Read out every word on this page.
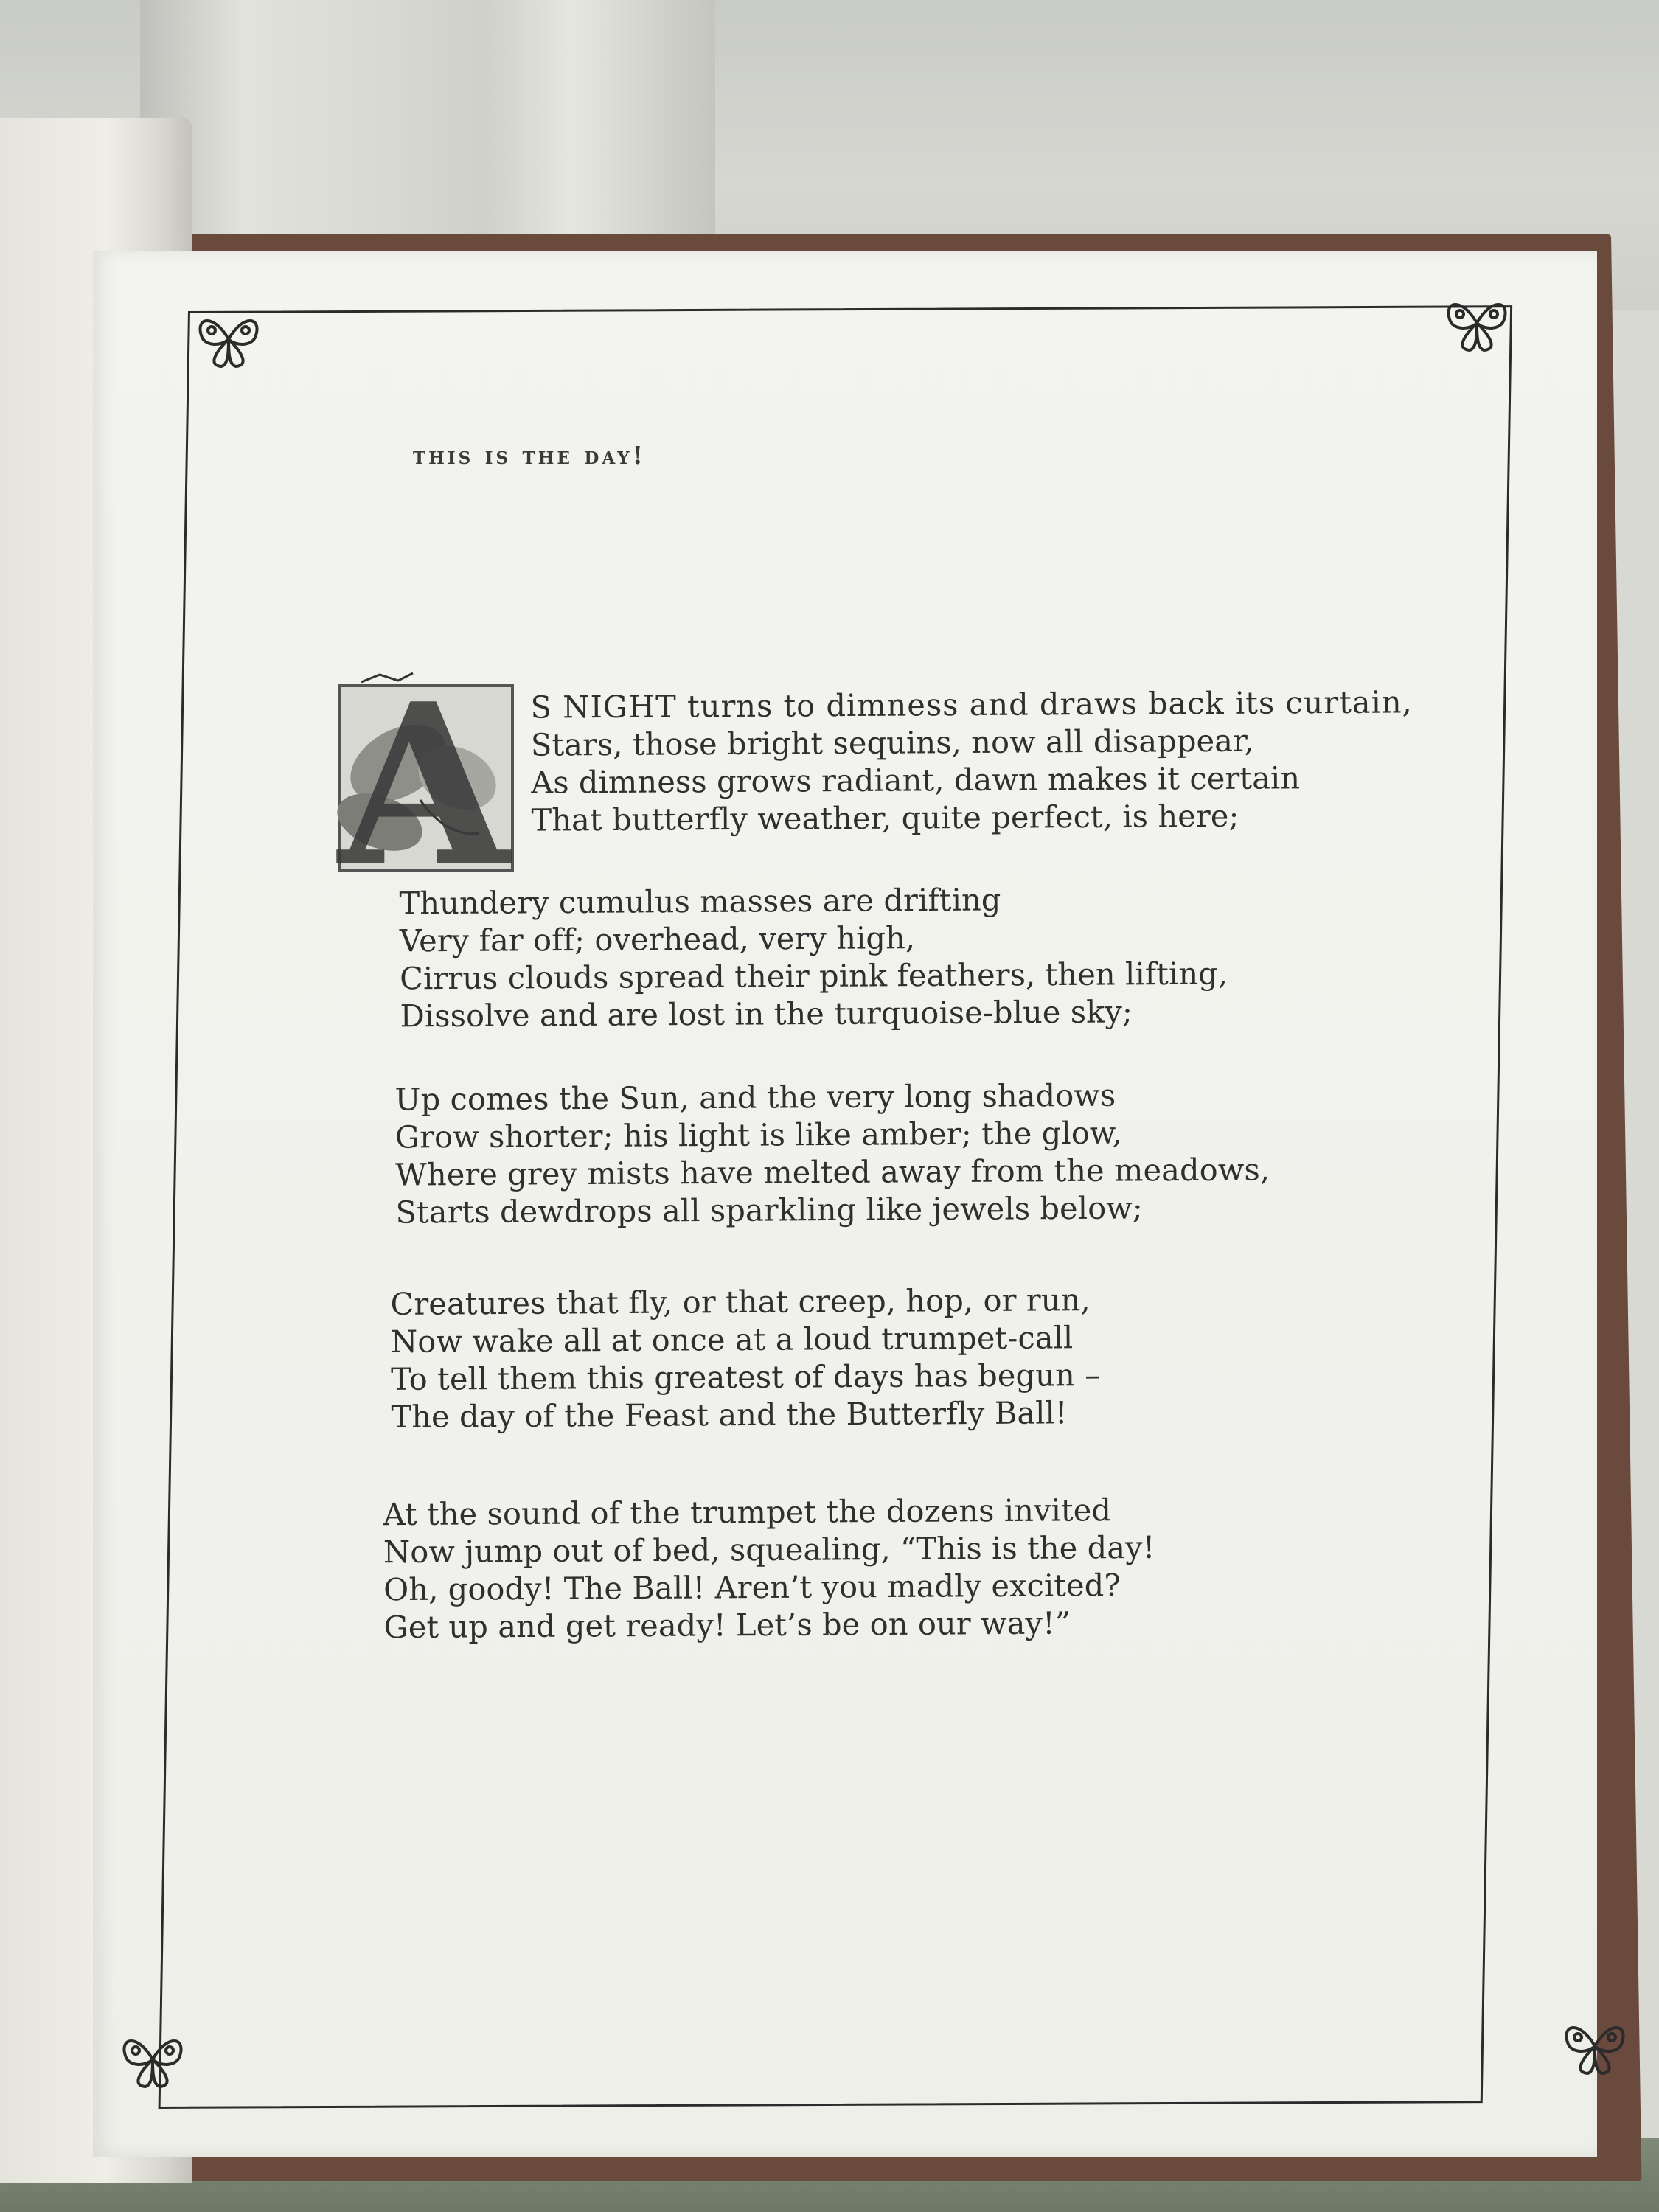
this is the day!
A S NIGHT turns to dimness and draws back its curtain,
Stars, those bright sequins, now all disappear,
As dimness grows radiant, dawn makes it certain
That butterfly weather, quite perfect, is here;
Thundery cumulus masses are drifting
Very far off; overhead, very high,
Cirrus clouds spread their pink feathers, then lifting,
Dissolve and are lost in the turquoise-blue sky;
Up comes the Sun, and the very long shadows
Grow shorter; his light is like amber; the glow,
Where grey mists have melted away from the meadows,
Starts dewdrops all sparkling like jewels below;
Creatures that fly, or that creep, hop, or run,
Now wake all at once at a loud trumpet-call
To tell them this greatest of days has begun –
The day of the Feast and the Butterfly Ball!
At the sound of the trumpet the dozens invited
Now jump out of bed, squealing, “This is the day!
Oh, goody! The Ball! Aren’t you madly excited?
Get up and get ready! Let’s be on our way!”
